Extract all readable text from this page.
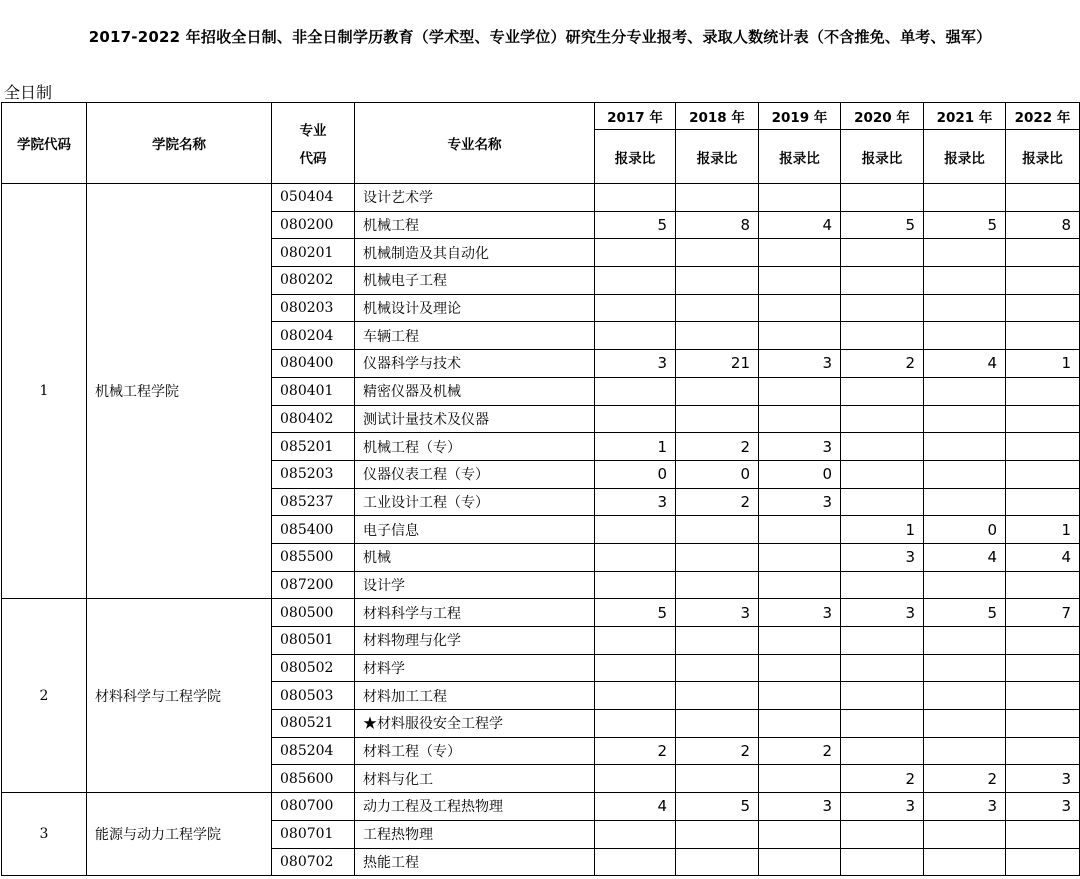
2017-2022 年招收全日制、非全日制学历教育（学术型、专业学位）研究生分专业报考、录取人数统计表（不含推免、单考、强军）
全日制
学院代码	学院名称	专业
代码	专业名称	2017 年	2018 年	2019 年	2020 年	2021 年	2022 年
				报录比	报录比	报录比	报录比	报录比	报录比
1	机械工程学院	050404	设计艺术学						
		080200	机械工程	5	8	4	5	5	8
		080201	机械制造及其自动化						
		080202	机械电子工程						
		080203	机械设计及理论						
		080204	车辆工程						
		080400	仪器科学与技术	3	21	3	2	4	1
		080401	精密仪器及机械						
		080402	测试计量技术及仪器						
		085201	机械工程（专）	1	2	3			
		085203	仪器仪表工程（专）	0	0	0			
		085237	工业设计工程（专）	3	2	3			
		085400	电子信息				1	0	1
		085500	机械				3	4	4
		087200	设计学						
2	材料科学与工程学院	080500	材料科学与工程	5	3	3	3	5	7
		080501	材料物理与化学						
		080502	材料学						
		080503	材料加工工程						
		080521	★材料服役安全工程学						
		085204	材料工程（专）	2	2	2			
		085600	材料与化工				2	2	3
3	能源与动力工程学院	080700	动力工程及工程热物理	4	5	3	3	3	3
		080701	工程热物理						
		080702	热能工程						
